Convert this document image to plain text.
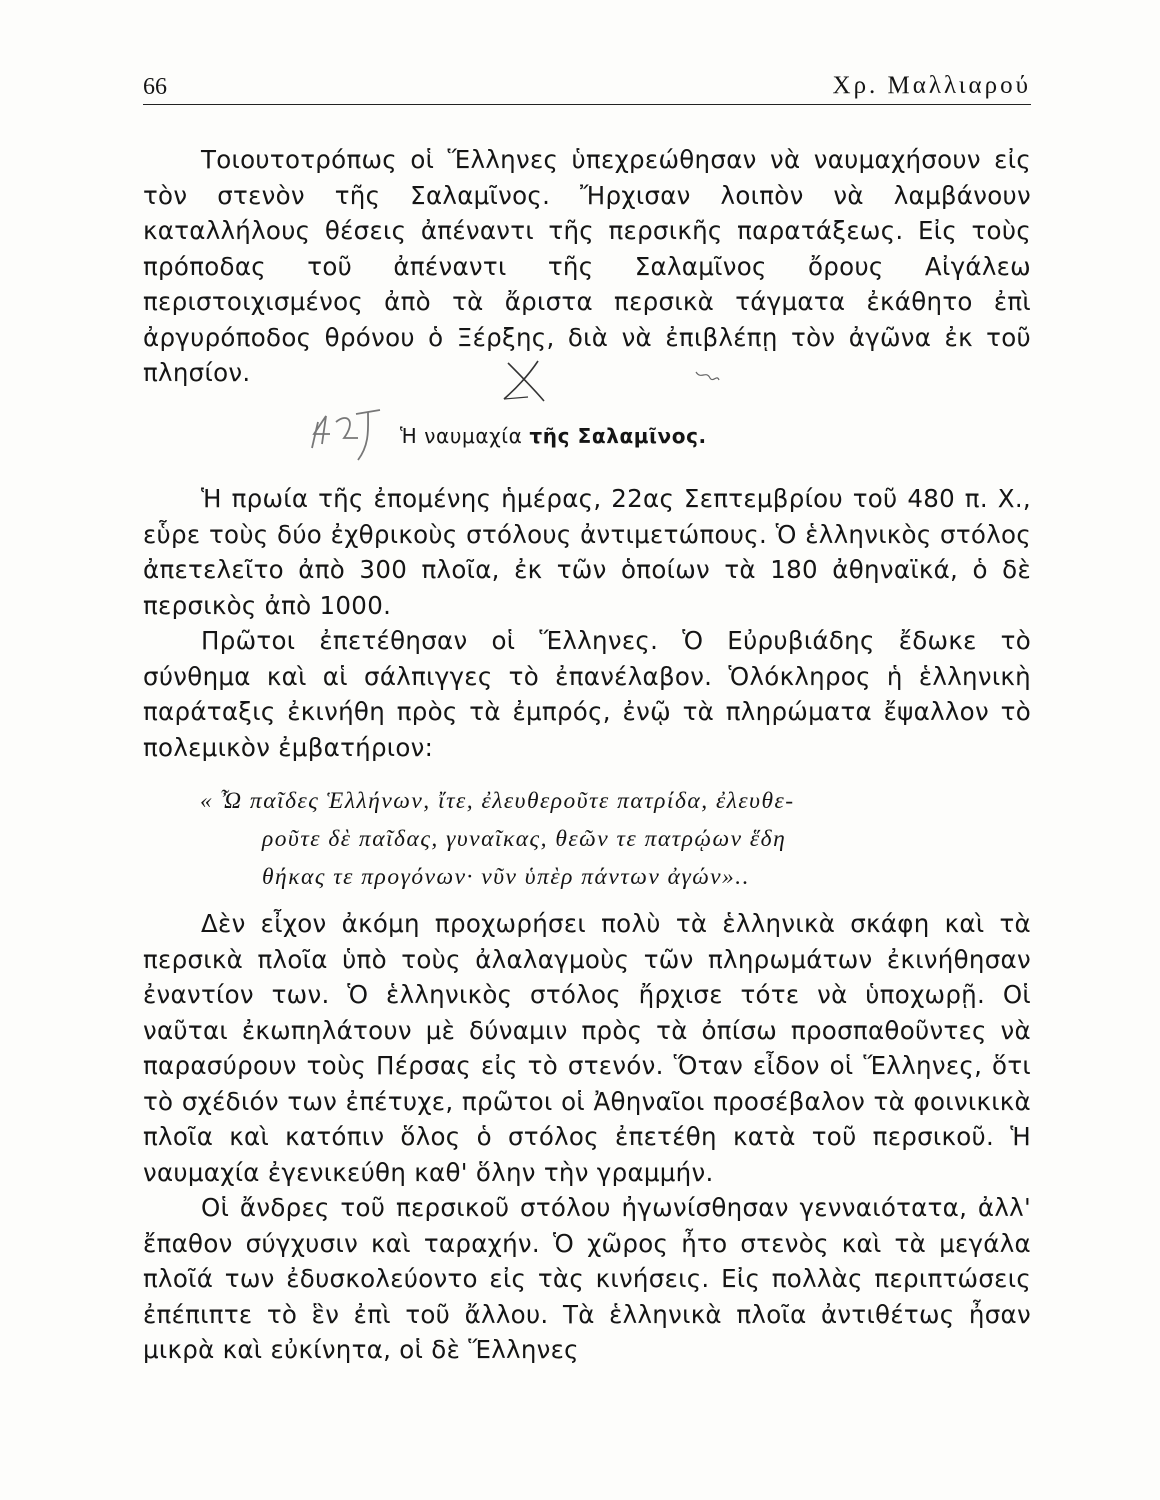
66	Χρ. Μαλλιαρού

Τοιουτοτρόπως οἱ Ἕλληνες ὑπεχρεώθησαν νὰ ναυμαχήσουν εἰς τὸν στενὸν τῆς Σαλαμῖνος. Ἤρχισαν λοιπὸν νὰ λαμβάνουν καταλλήλους θέσεις ἀπέναντι τῆς περσικῆς παρατάξεως. Εἰς τοὺς πρόποδας τοῦ ἀπέναντι τῆς Σαλαμῖνος ὄρους Αἰγάλεω περιστοιχισμένος ἀπὸ τὰ ἄριστα περσικὰ τάγματα ἐκάθητο ἐπὶ ἀργυρόποδος θρόνου ὁ Ξέρξης, διὰ νὰ ἐπιβλέπῃ τὸν ἀγῶνα ἐκ τοῦ πλησίον.

Ἡ ναυμαχία τῆς Σαλαμῖνος.

Ἡ πρωία τῆς ἐπομένης ἡμέρας, 22ας Σεπτεμβρίου τοῦ 480 π. Χ., εὗρε τοὺς δύο ἐχθρικοὺς στόλους ἀντιμετώπους. Ὁ ἑλληνικὸς στόλος ἀπετελεῖτο ἀπὸ 300 πλοῖα, ἐκ τῶν ὁποίων τὰ 180 ἀθηναϊκά, ὁ δὲ περσικὸς ἀπὸ 1000.

Πρῶτοι ἐπετέθησαν οἱ Ἕλληνες. Ὁ Εὐρυβιάδης ἔδωκε τὸ σύνθημα καὶ αἱ σάλπιγγες τὸ ἐπανέλαβον. Ὁλόκληρος ἡ ἑλληνικὴ παράταξις ἐκινήθη πρὸς τὰ ἐμπρός, ἐνῷ τὰ πληρώματα ἔψαλλον τὸ πολεμικὸν ἐμβατήριον:

« Ὦ παῖδες Ἑλλήνων, ἴτε, ἐλευθεροῦτε πατρίδα, ἐλευθε-
ροῦτε δὲ παῖδας, γυναῖκας, θεῶν τε πατρῴων ἕδη
θήκας τε προγόνων· νῦν ὑπὲρ πάντων ἀγών»..

Δὲν εἶχον ἀκόμη προχωρήσει πολὺ τὰ ἑλληνικὰ σκάφη καὶ τὰ περσικὰ πλοῖα ὑπὸ τοὺς ἀλαλαγμοὺς τῶν πληρωμάτων ἐκινήθησαν ἐναντίον των. Ὁ ἑλληνικὸς στόλος ἤρχισε τότε νὰ ὑποχωρῇ. Οἱ ναῦται ἐκωπηλάτουν μὲ δύναμιν πρὸς τὰ ὀπίσω προσπαθοῦντες νὰ παρασύρουν τοὺς Πέρσας εἰς τὸ στενόν. Ὅταν εἶδον οἱ Ἕλληνες, ὅτι τὸ σχέδιόν των ἐπέτυχε, πρῶτοι οἱ Ἀθηναῖοι προσέβαλον τὰ φοινικικὰ πλοῖα καὶ κατόπιν ὅλος ὁ στόλος ἐπετέθη κατὰ τοῦ περσικοῦ. Ἡ ναυμαχία ἐγενικεύθη καθ' ὅλην τὴν γραμμήν.

Οἱ ἄνδρες τοῦ περσικοῦ στόλου ἠγωνίσθησαν γενναιότατα, ἀλλ' ἔπαθον σύγχυσιν καὶ ταραχήν. Ὁ χῶρος ἦτο στενὸς καὶ τὰ μεγάλα πλοῖά των ἐδυσκολεύοντο εἰς τὰς κινήσεις. Εἰς πολλὰς περιπτώσεις ἐπέπιπτε τὸ ἓν ἐπὶ τοῦ ἄλλου. Τὰ ἑλληνικὰ πλοῖα ἀντιθέτως ἦσαν μικρὰ καὶ εὐκίνητα, οἱ δὲ Ἕλληνες
